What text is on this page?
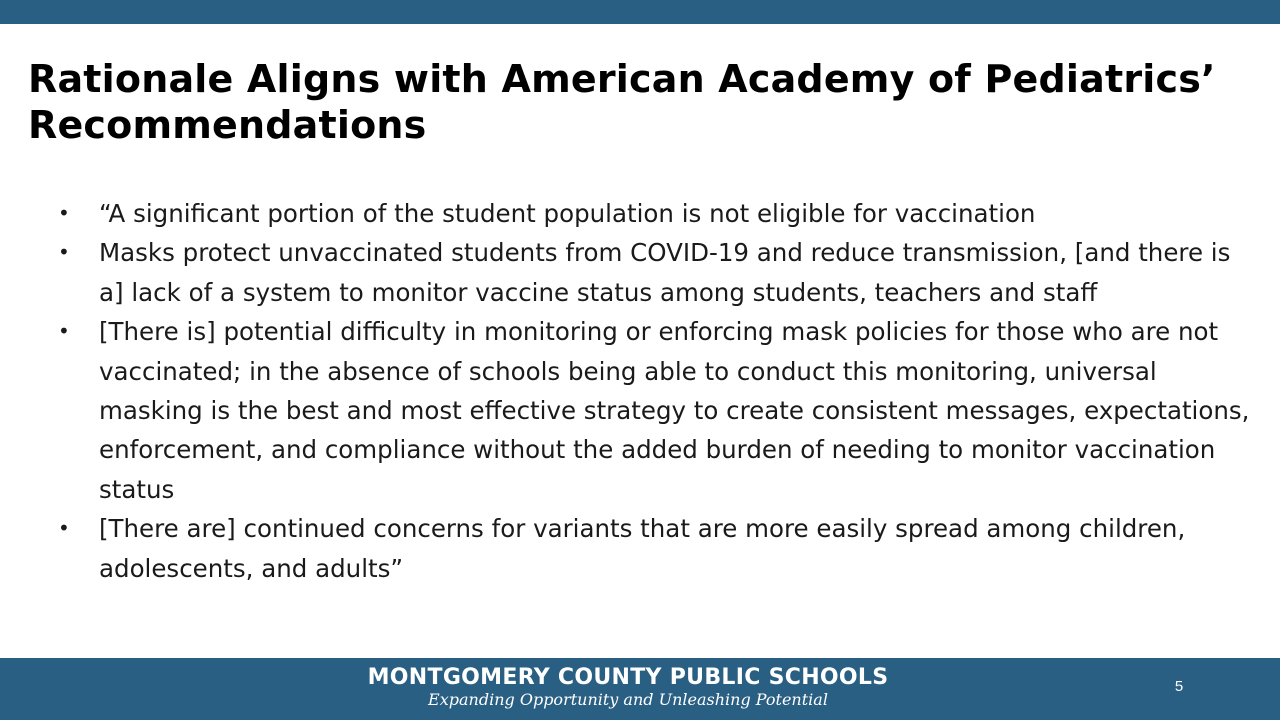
Rationale Aligns with American Academy of Pediatrics’ Recommendations
•	“A significant portion of the student population is not eligible for vaccination
•	Masks protect unvaccinated students from COVID-19 and reduce transmission, [and there is a] lack of a system to monitor vaccine status among students, teachers and staff
•	[There is] potential difficulty in monitoring or enforcing mask policies for those who are not vaccinated; in the absence of schools being able to conduct this monitoring, universal masking is the best and most effective strategy to create consistent messages, expectations, enforcement, and compliance without the added burden of needing to monitor vaccination status
•	[There are] continued concerns for variants that are more easily spread among children, adolescents, and adults”
MONTGOMERY COUNTY PUBLIC SCHOOLS
Expanding Opportunity and Unleashing Potential
5
